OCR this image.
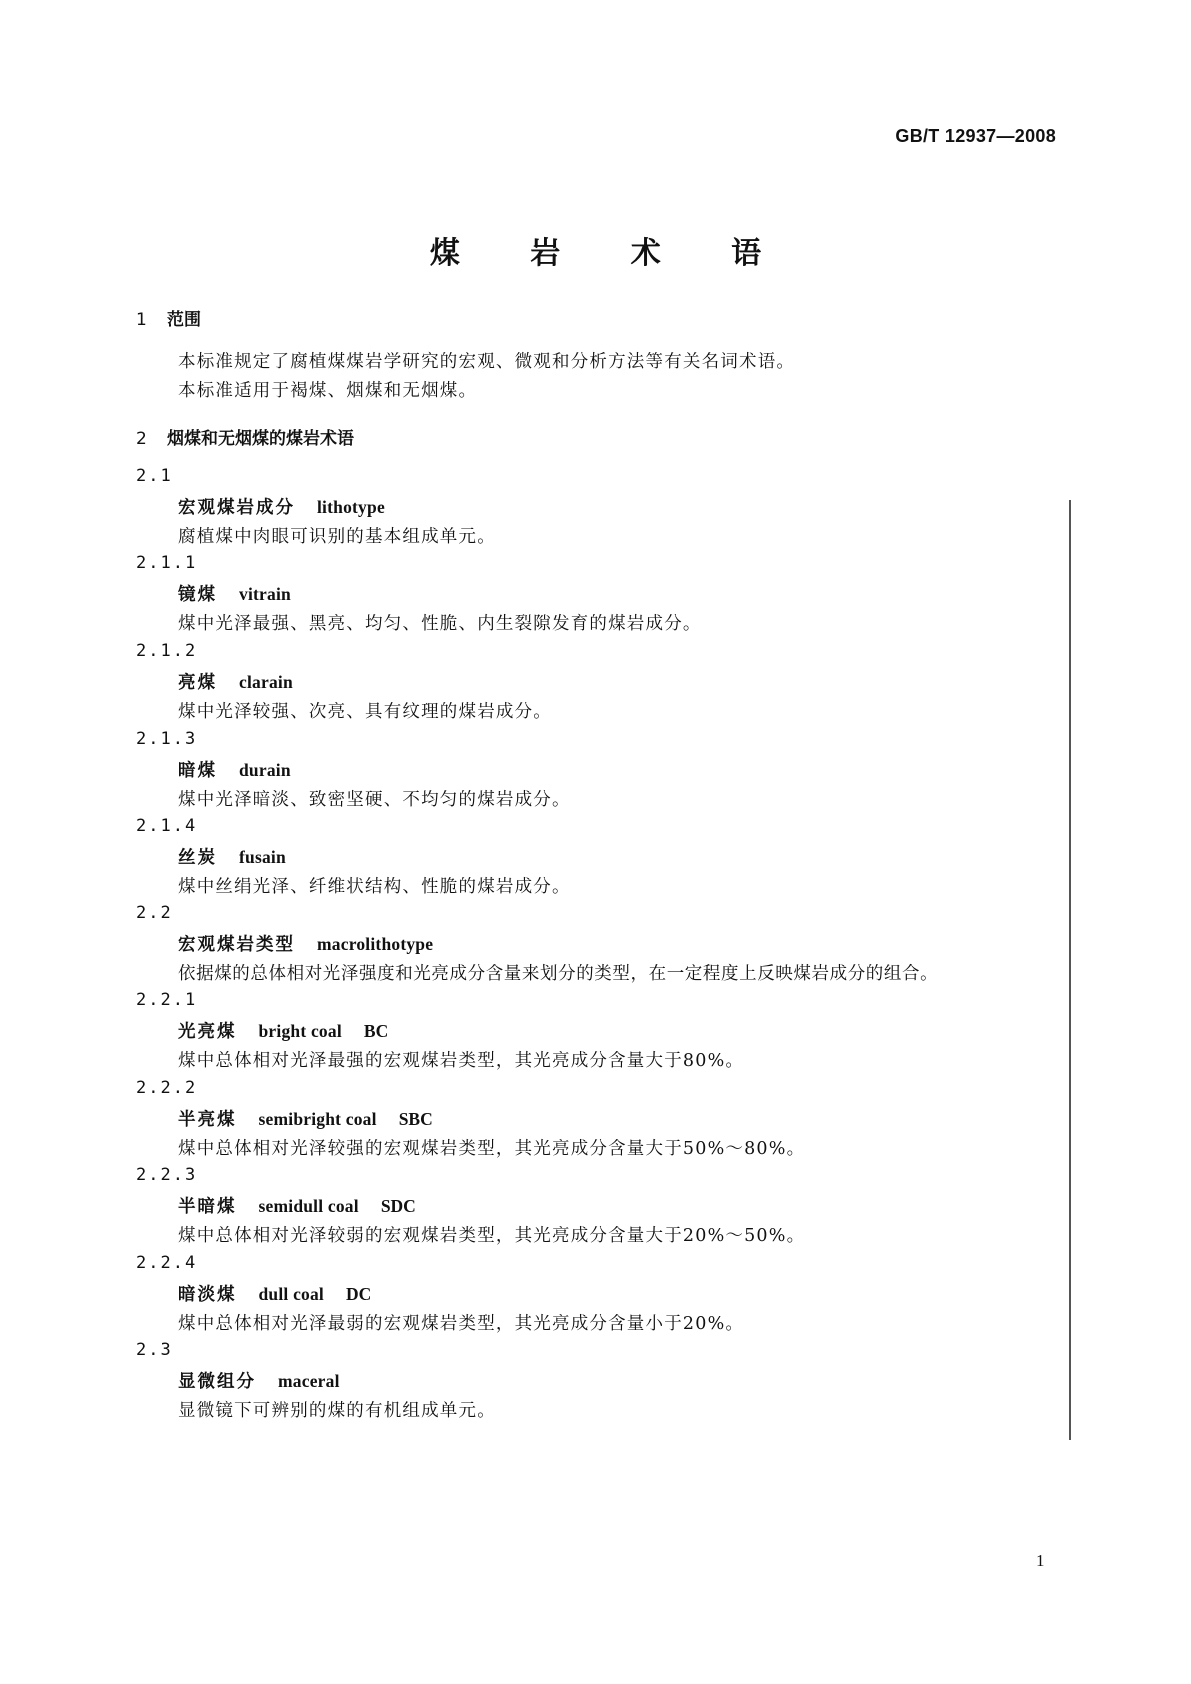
GB/T 12937—2008
煤 岩 术 语
1 范围
本标准规定了腐植煤煤岩学研究的宏观、微观和分析方法等有关名词术语。
本标准适用于褐煤、烟煤和无烟煤。
2 烟煤和无烟煤的煤岩术语
2.1
宏观煤岩成分 lithotype
腐植煤中肉眼可识别的基本组成单元。
2.1.1
镜煤 vitrain
煤中光泽最强、黑亮、均匀、性脆、内生裂隙发育的煤岩成分。
2.1.2
亮煤 clarain
煤中光泽较强、次亮、具有纹理的煤岩成分。
2.1.3
暗煤 durain
煤中光泽暗淡、致密坚硬、不均匀的煤岩成分。
2.1.4
丝炭 fusain
煤中丝绢光泽、纤维状结构、性脆的煤岩成分。
2.2
宏观煤岩类型 macrolithotype
依据煤的总体相对光泽强度和光亮成分含量来划分的类型，在一定程度上反映煤岩成分的组合。
2.2.1
光亮煤 bright coal BC
煤中总体相对光泽最强的宏观煤岩类型，其光亮成分含量大于80%。
2.2.2
半亮煤 semibright coal SBC
煤中总体相对光泽较强的宏观煤岩类型，其光亮成分含量大于50%～80%。
2.2.3
半暗煤 semidull coal SDC
煤中总体相对光泽较弱的宏观煤岩类型，其光亮成分含量大于20%～50%。
2.2.4
暗淡煤 dull coal DC
煤中总体相对光泽最弱的宏观煤岩类型，其光亮成分含量小于20%。
2.3
显微组分 maceral
显微镜下可辨别的煤的有机组成单元。
1
